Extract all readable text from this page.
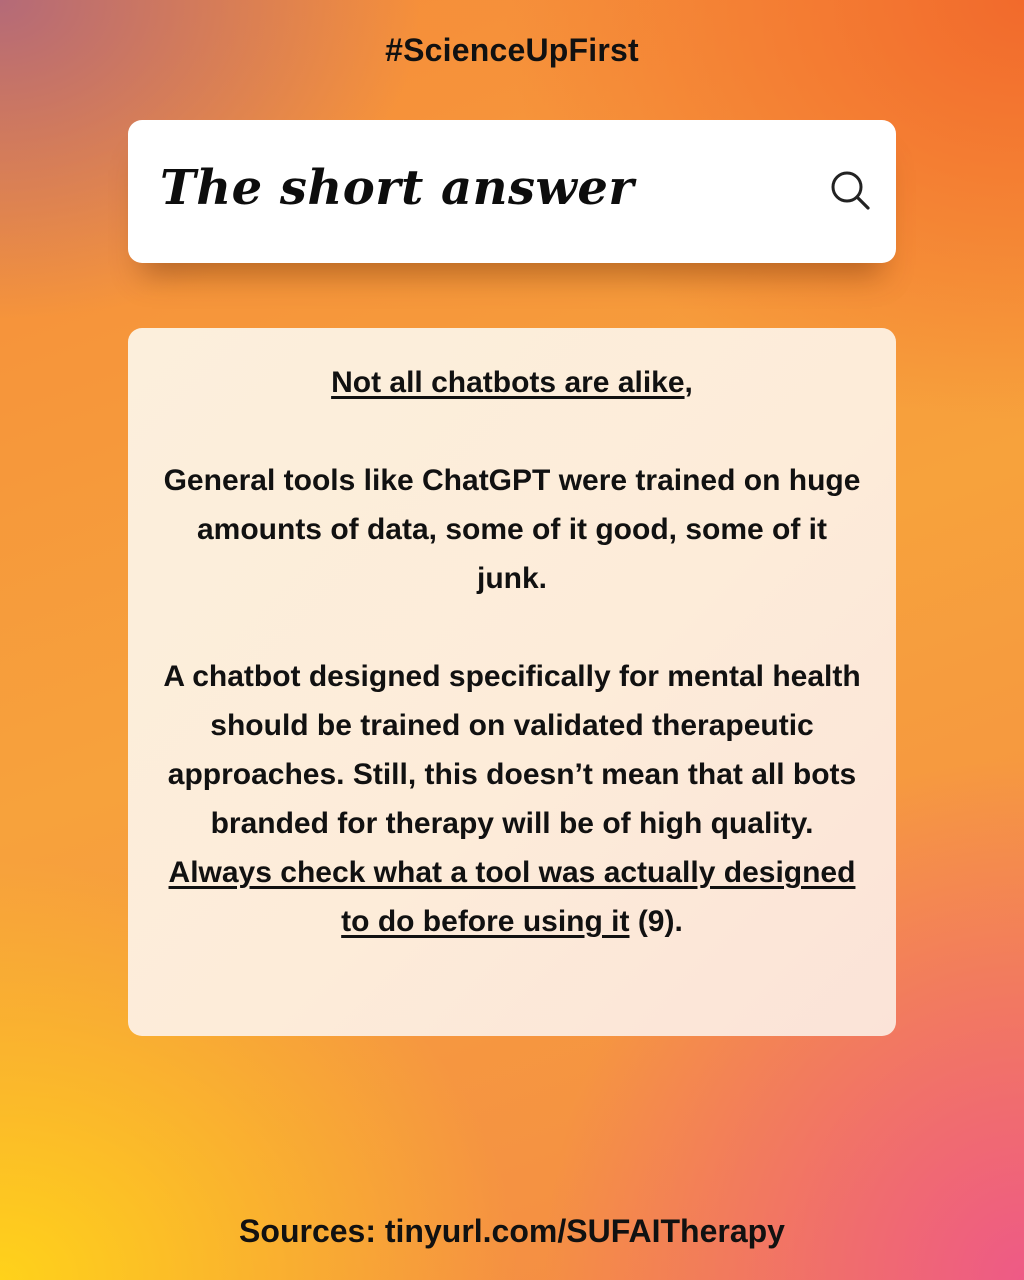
#ScienceUpFirst
The short answer

Not all chatbots are alike,

General tools like ChatGPT were trained on huge amounts of data, some of it good, some of it junk.

A chatbot designed specifically for mental health should be trained on validated therapeutic approaches. Still, this doesn’t mean that all bots branded for therapy will be of high quality. Always check what a tool was actually designed to do before using it (9).

Sources: tinyurl.com/SUFAITherapy
